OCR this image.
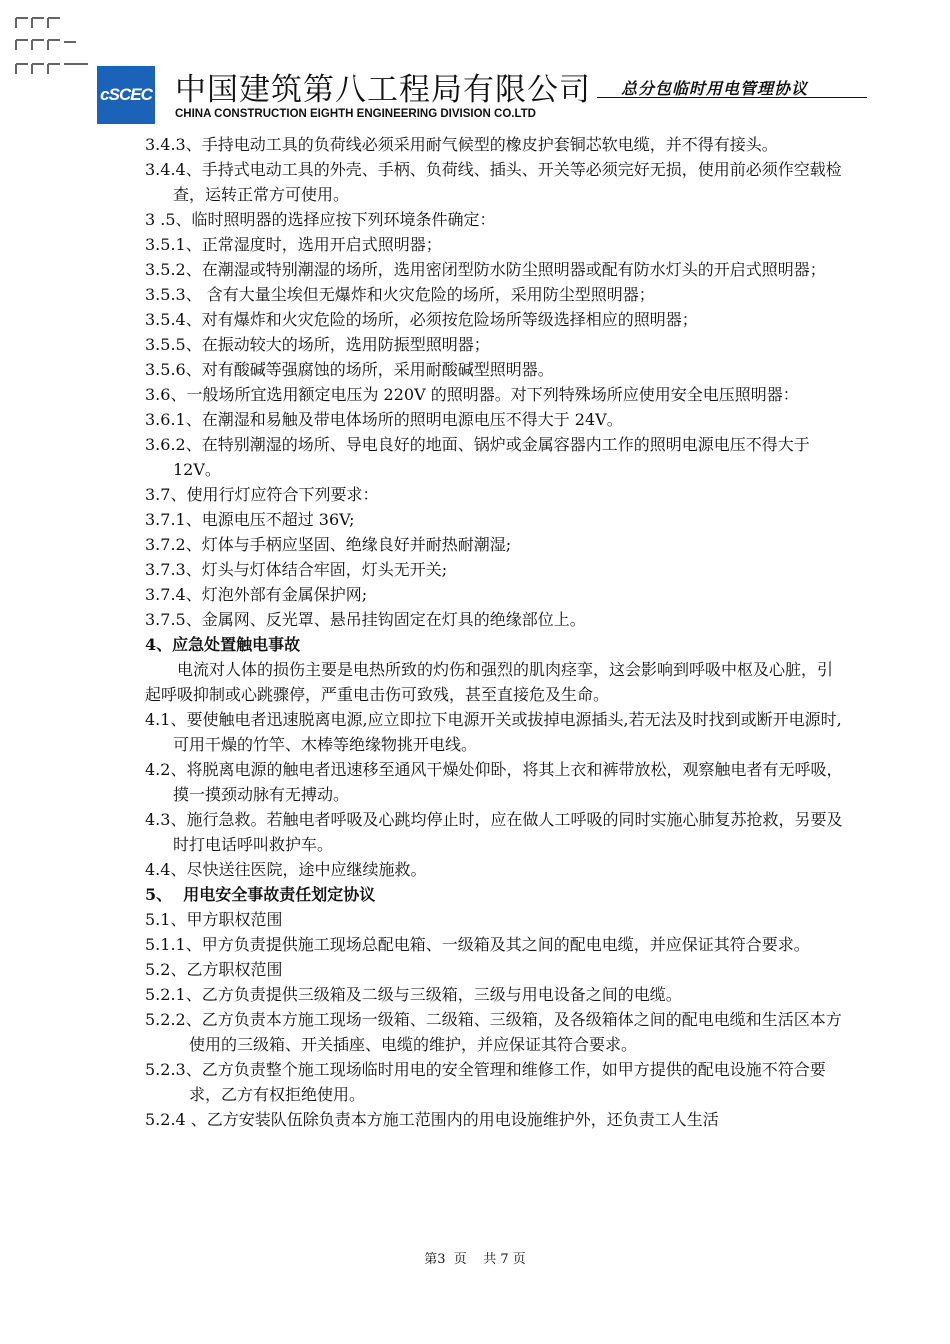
cSCEC 中国建筑第八工程局有限公司 总分包临时用电管理协议
CHINA CONSTRUCTION EIGHTH ENGINEERING DIVISION CO.LTD

3.4.3、手持电动工具的负荷线必须采用耐气候型的橡皮护套铜芯软电缆，并不得有接头。

3.4.4、手持式电动工具的外壳、手柄、负荷线、插头、开关等必须完好无损，使用前必须作空载检查，运转正常方可使用。

3 .5、临时照明器的选择应按下列环境条件确定：

3.5.1、正常湿度时，选用开启式照明器；

3.5.2、在潮湿或特别潮湿的场所，选用密闭型防水防尘照明器或配有防水灯头的开启式照明器；

3.5.3、 含有大量尘埃但无爆炸和火灾危险的场所，采用防尘型照明器；

3.5.4、对有爆炸和火灾危险的场所，必须按危险场所等级选择相应的照明器；

3.5.5、在振动较大的场所，选用防振型照明器；

3.5.6、对有酸碱等强腐蚀的场所，采用耐酸碱型照明器。

3.6、一般场所宜选用额定电压为 220V 的照明器。对下列特殊场所应使用安全电压照明器：

3.6.1、在潮湿和易触及带电体场所的照明电源电压不得大于 24V。

3.6.2、在特别潮湿的场所、导电良好的地面、锅炉或金属容器内工作的照明电源电压不得大于 12V。

3.7、使用行灯应符合下列要求：

3.7.1、电源电压不超过 36V;

3.7.2、灯体与手柄应坚固、绝缘良好并耐热耐潮湿;

3.7.3、灯头与灯体结合牢固，灯头无开关;

3.7.4、灯泡外部有金属保护网;

3.7.5、金属网、反光罩、悬吊挂钩固定在灯具的绝缘部位上。

4、应急处置触电事故

电流对人体的损伤主要是电热所致的灼伤和强烈的肌肉痉挛，这会影响到呼吸中枢及心脏，引起呼吸抑制或心跳骤停，严重电击伤可致残，甚至直接危及生命。

4.1、要使触电者迅速脱离电源,应立即拉下电源开关或拔掉电源插头,若无法及时找到或断开电源时,可用干燥的竹竿、木棒等绝缘物挑开电线。

4.2、将脱离电源的触电者迅速移至通风干燥处仰卧，将其上衣和裤带放松，观察触电者有无呼吸，摸一摸颈动脉有无搏动。

4.3、施行急救。若触电者呼吸及心跳均停止时，应在做人工呼吸的同时实施心肺复苏抢救，另要及时打电话呼叫救护车。

4.4、尽快送往医院，途中应继续施救。

5、  用电安全事故责任划定协议

5.1、甲方职权范围

5.1.1、甲方负责提供施工现场总配电箱、一级箱及其之间的配电电缆，并应保证其符合要求。

5.2、乙方职权范围

5.2.1、乙方负责提供三级箱及二级与三级箱，三级与用电设备之间的电缆。

5.2.2、乙方负责本方施工现场一级箱、二级箱、三级箱，及各级箱体之间的配电电缆和生活区本方使用的三级箱、开关插座、电缆的维护，并应保证其符合要求。

5.2.3、乙方负责整个施工现场临时用电的安全管理和维修工作，如甲方提供的配电设施不符合要求，乙方有权拒绝使用。

5.2.4 、乙方安装队伍除负责本方施工范围内的用电设施维护外，还负责工人生活

第3  页    共 7 页
